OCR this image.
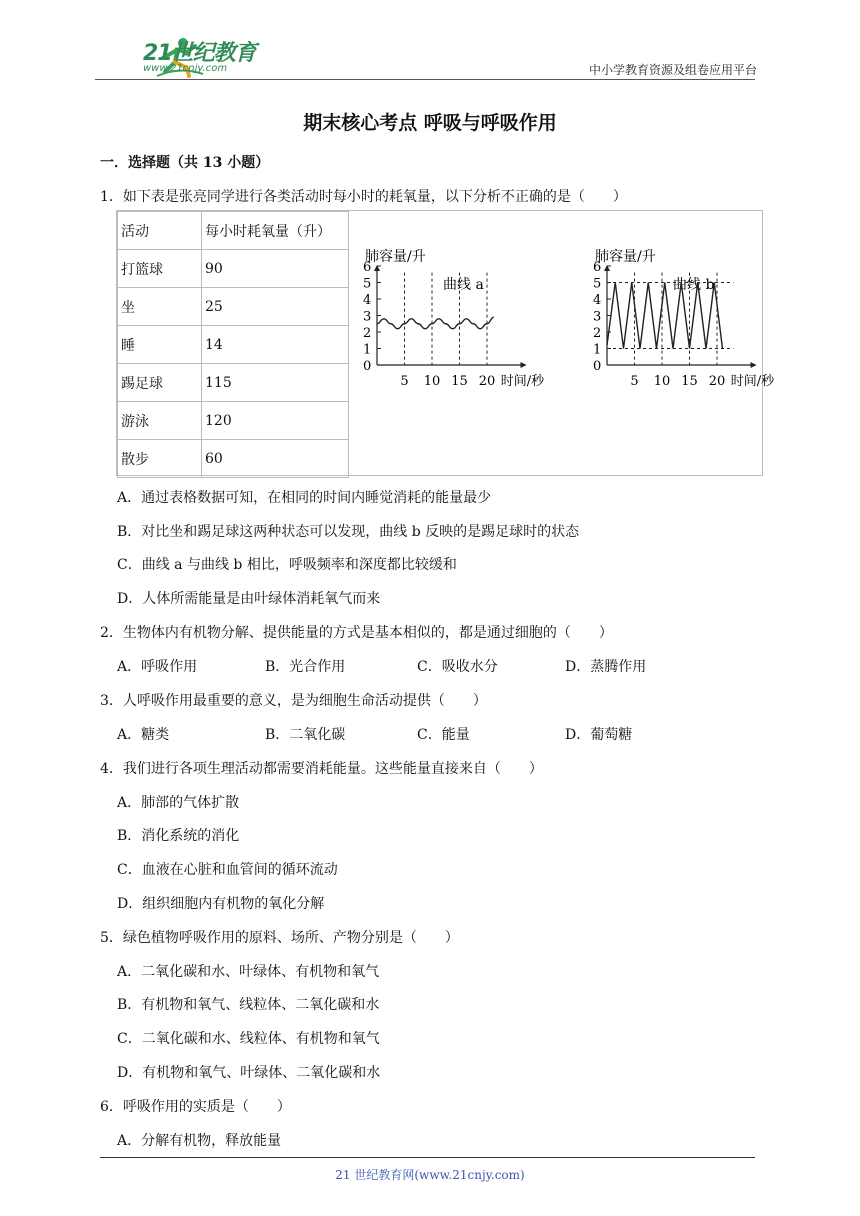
21世纪教育
www.21cnjy.com	中小学教育资源及组卷应用平台
期末核心考点 呼吸与呼吸作用
一．选择题（共 13 小题）
1．如下表是张亮同学进行各类活动时每小时的耗氧量，以下分析不正确的是（　　）
活动	每小时耗氧量（升）
打篮球	90
坐	25
睡	14
踢足球	115
游泳	120
散步	60
肺容量/升
曲线 a
0
1
2
3
4
5
6
5 10 15 20 时间/秒
肺容量/升
曲线 b
0
1
2
3
4
5
6
5 10 15 20 时间/秒
A．通过表格数据可知，在相同的时间内睡觉消耗的能量最少
B．对比坐和踢足球这两种状态可以发现，曲线 b 反映的是踢足球时的状态
C．曲线 a 与曲线 b 相比，呼吸频率和深度都比较缓和
D．人体所需能量是由叶绿体消耗氧气而来
2．生物体内有机物分解、提供能量的方式是基本相似的，都是通过细胞的（　　）
A．呼吸作用	B．光合作用	C．吸收水分	D．蒸腾作用
3．人呼吸作用最重要的意义，是为细胞生命活动提供（　　）
A．糖类	B．二氧化碳	C．能量	D．葡萄糖
4．我们进行各项生理活动都需要消耗能量。这些能量直接来自（　　）
A．肺部的气体扩散
B．消化系统的消化
C．血液在心脏和血管间的循环流动
D．组织细胞内有机物的氧化分解
5．绿色植物呼吸作用的原料、场所、产物分别是（　　）
A．二氧化碳和水、叶绿体、有机物和氧气
B．有机物和氧气、线粒体、二氧化碳和水
C．二氧化碳和水、线粒体、有机物和氧气
D．有机物和氧气、叶绿体、二氧化碳和水
6．呼吸作用的实质是（　　）
A．分解有机物，释放能量
21 世纪教育网(www.21cnjy.com)
